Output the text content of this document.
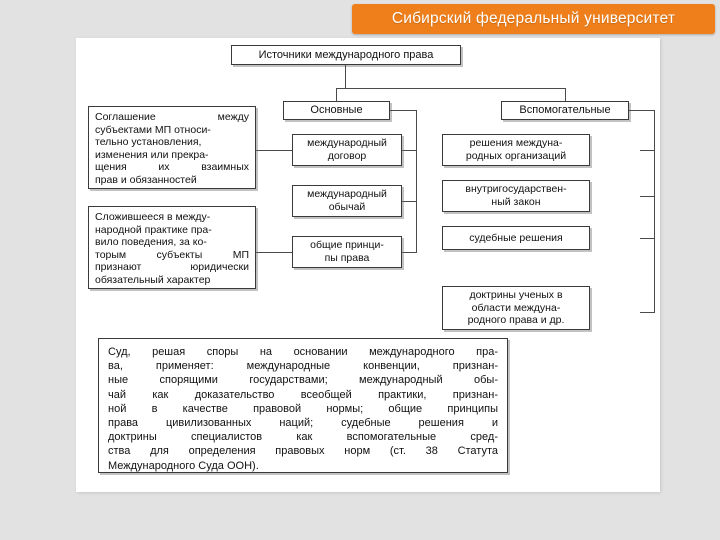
Сибирский федеральный университет
Источники международного права
Основные	Вспомогательные
международный
договор
международный
обычай
общие принци-
пы права
решения междуна-
родных организаций
внутригосударствен-
ный закон
судебные решения
доктрины ученых в
области междуна-
родного права и др.
Соглашение между
субъектами МП относи-
тельно установления,
изменения или прекра-
щения их взаимных
прав и обязанностей
Сложившееся в между-
народной практике пра-
вило поведения, за ко-
торым субъекты МП
признают юридически
обязательный характер
Суд, решая споры на основании международного пра-
ва, применяет: международные конвенции, признан-
ные спорящими государствами; международный обы-
чай как доказательство всеобщей практики, признан-
ной в качестве правовой нормы; общие принципы
права цивилизованных наций; судебные решения и
доктрины специалистов как вспомогательные сред-
ства для определения правовых норм (ст. 38 Статута
Международного Суда ООН).
